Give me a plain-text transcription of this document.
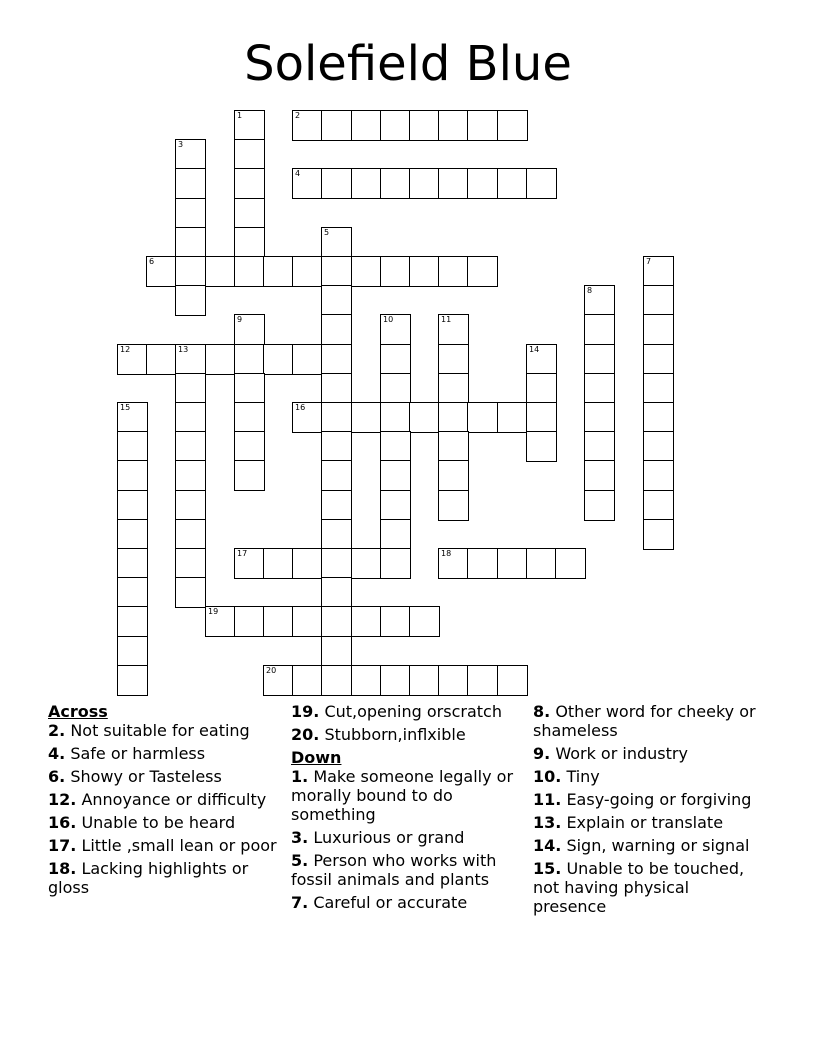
Solefield Blue
1	2
3
4
5
6	7
8
9	10	11
12	13	14
15	16
17	18
19
20
Across
2. Not suitable for eating
4. Safe or harmless
6. Showy or Tasteless
12. Annoyance or difficulty
16. Unable to be heard
17. Little ,small lean or poor
18. Lacking highlights or gloss
19. Cut,opening orscratch
20. Stubborn,inflxible
Down
1. Make someone legally or morally bound to do something
3. Luxurious or grand
5. Person who works with fossil animals and plants
7. Careful or accurate
8. Other word for cheeky or shameless
9. Work or industry
10. Tiny
11. Easy-going or forgiving
13. Explain or translate
14. Sign, warning or signal
15. Unable to be touched, not having physical presence
